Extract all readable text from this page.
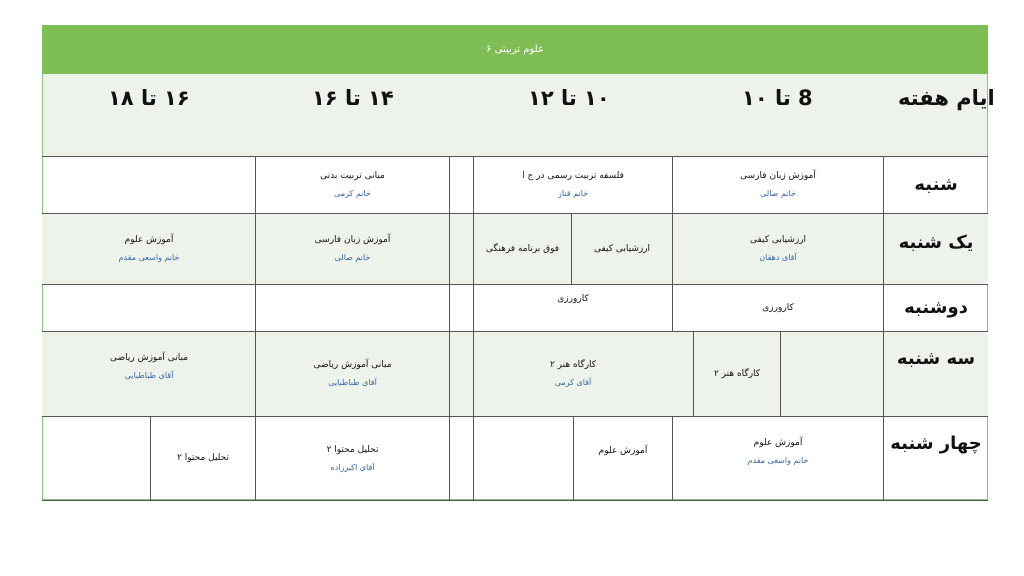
علوم تربیتی ۶
ایام هفته
8 تا ۱۰
۱۰ تا ۱۲
۱۴ تا ۱۶
۱۶ تا ۱۸
شنبه
یک شنبه
دوشنبه
سه شنبه
چهار شنبه
آموزش زبان فارسی
خانم صالی
فلسفه تربیت رسمی در ج ا
خانم قناز
مبانی تربیت بدنی
خانم کرمی
ارزشیابی کیفی
آقای دهقان
ارزشیابی کیفی
فوق برنامه فرهنگی
آموزش زبان فارسی
خانم صالی
آموزش علوم
خانم واسعی مقدم
کارورزی
کارورزی
کارگاه هنر ۲
کارگاه هنر ۲
آقای کرمی
مبانی آموزش ریاضی
آقای طباطبایی
مبانی آموزش ریاضی
آقای طباطبایی
آموزش علوم
خانم واسعی مقدم
آموزش علوم
تحلیل محتوا ۲
آقای اکبرزاده
تحلیل محتوا ۲
